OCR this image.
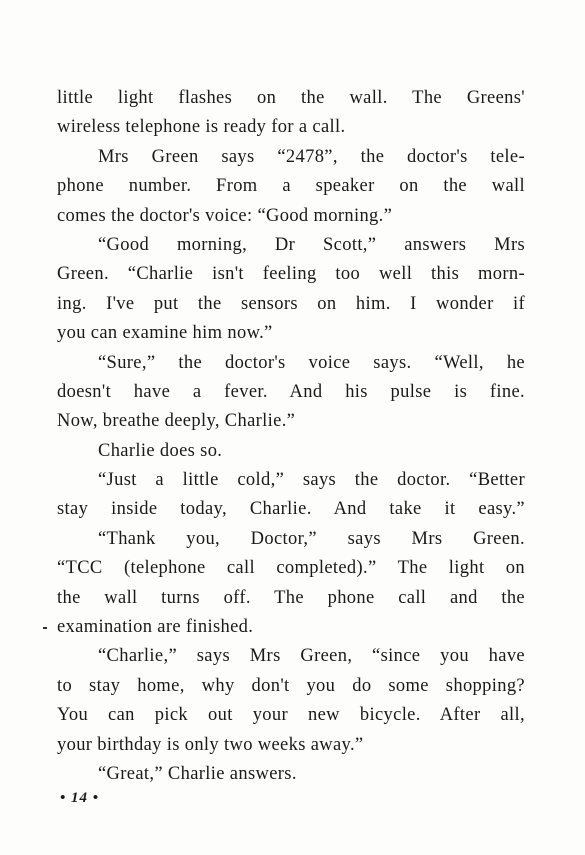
little light flashes on the wall. The Greens'
wireless telephone is ready for a call.
Mrs Green says “2478”, the doctor's tele-
phone number. From a speaker on the wall
comes the doctor's voice: “Good morning.”
“Good morning, Dr Scott,” answers Mrs
Green. “Charlie isn't feeling too well this morn-
ing. I've put the sensors on him. I wonder if
you can examine him now.”
“Sure,” the doctor's voice says. “Well, he
doesn't have a fever. And his pulse is fine.
Now, breathe deeply, Charlie.”
Charlie does so.
“Just a little cold,” says the doctor. “Better
stay inside today, Charlie. And take it easy.”
“Thank you, Doctor,” says Mrs Green.
“TCC (telephone call completed).” The light on
the wall turns off. The phone call and the
examination are finished.
“Charlie,” says Mrs Green, “since you have
to stay home, why don't you do some shopping?
You can pick out your new bicycle. After all,
your birthday is only two weeks away.”
“Great,” Charlie answers.
• 14 •
